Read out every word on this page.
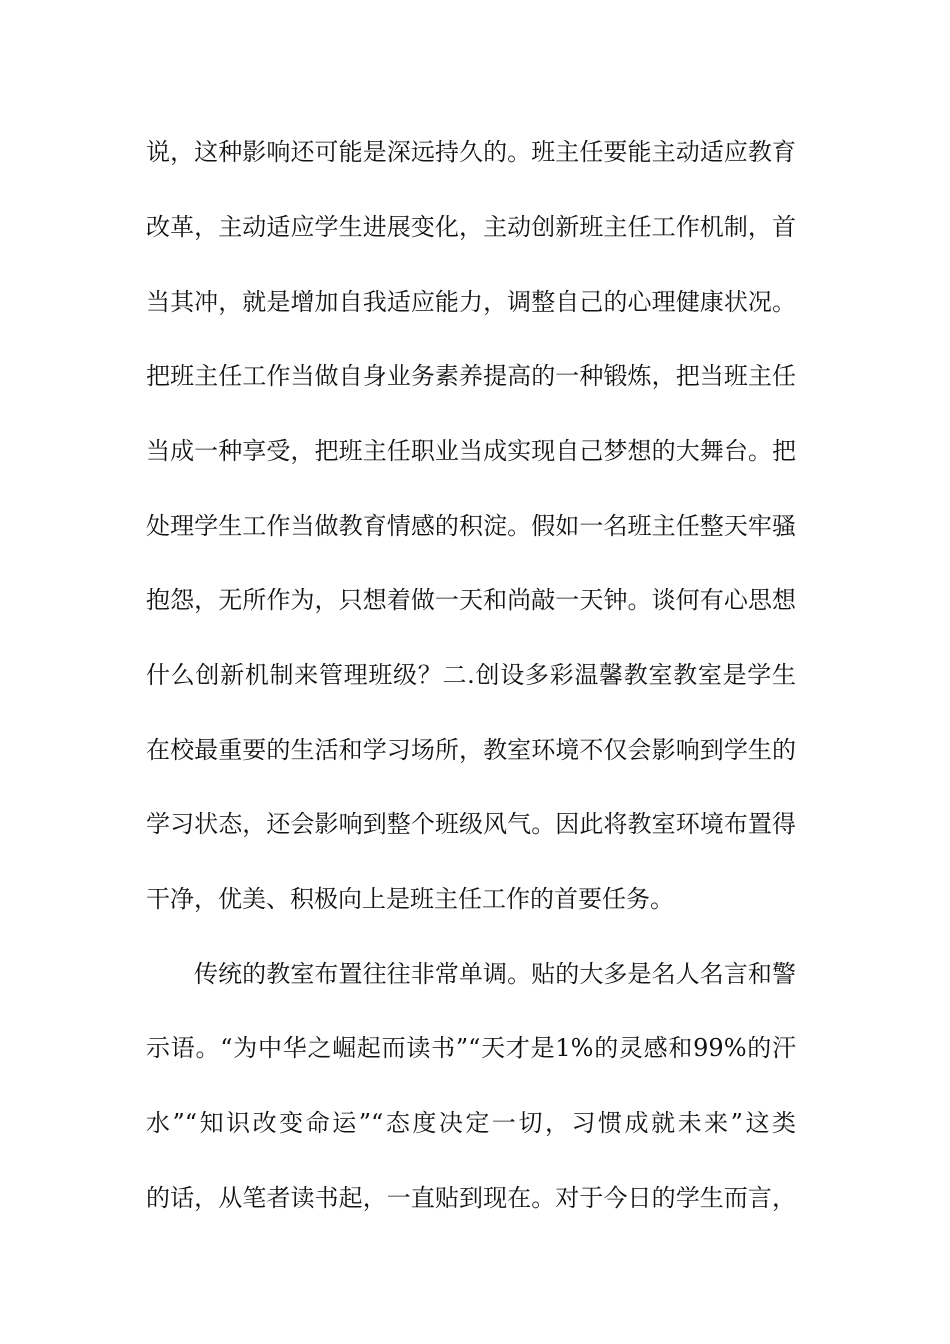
说，这种影响还可能是深远持久的。班主任要能主动适应教育
改革，主动适应学生进展变化，主动创新班主任工作机制，首
当其冲，就是增加自我适应能力，调整自己的心理健康状况。
把班主任工作当做自身业务素养提高的一种锻炼，把当班主任
当成一种享受，把班主任职业当成实现自己梦想的大舞台。把
处理学生工作当做教育情感的积淀。假如一名班主任整天牢骚
抱怨，无所作为，只想着做一天和尚敲一天钟。谈何有心思想
什么创新机制来管理班级？二.创设多彩温馨教室教室是学生
在校最重要的生活和学习场所，教室环境不仅会影响到学生的
学习状态，还会影响到整个班级风气。因此将教室环境布置得
干净，优美、积极向上是班主任工作的首要任务。
传统的教室布置往往非常单调。贴的大多是名人名言和警
示语。“为中华之崛起而读书”“天才是1%的灵感和99%的汗
水”“知识改变命运”“态度决定一切，习惯成就未来”这类
的话，从笔者读书起，一直贴到现在。对于今日的学生而言，
